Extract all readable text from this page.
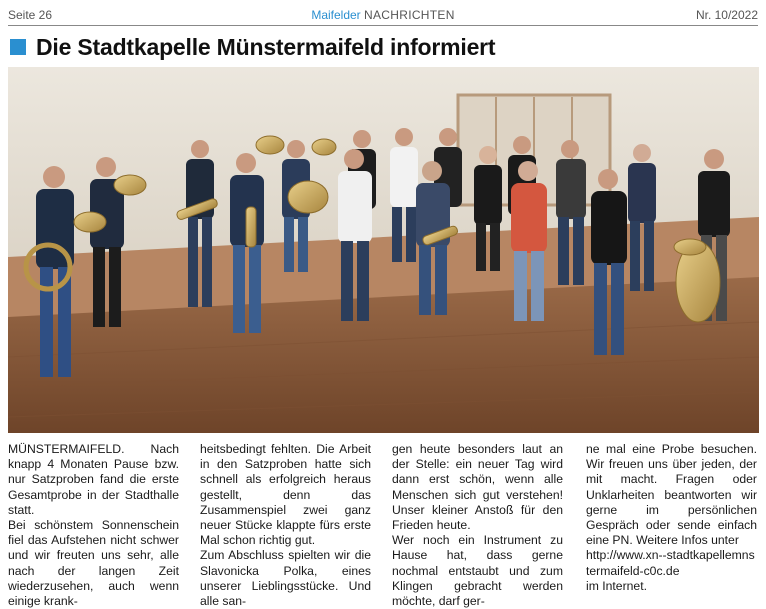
Seite 26	Maifelder NACHRICHTEN	Nr. 10/2022
Die Stadtkapelle Münstermaifeld informiert

MÜNSTERMAIFELD. Nach knapp 4 Monaten Pause bzw. nur Satzproben fand die erste Gesamtprobe in der Stadthalle statt.

Bei schönstem Sonnenschein fiel das Aufstehen nicht schwer und wir freuten uns sehr, alle nach der langen Zeit wiederzusehen, auch wenn einige krank-

heitsbedingt fehlten. Die Arbeit in den Satzproben hatte sich schnell als erfolgreich heraus gestellt, denn das Zusammenspiel zwei ganz neuer Stücke klappte fürs erste Mal schon richtig gut.

Zum Abschluss spielten wir die Slavonicka Polka, eines unserer Lieblingsstücke. Und alle san-

gen heute besonders laut an der Stelle: ein neuer Tag wird dann erst schön, wenn alle Menschen sich gut verstehen! Unser kleiner Anstoß für den Frieden heute.

Wer noch ein Instrument zu Hause hat, dass gerne nochmal entstaubt und zum Klingen gebracht werden möchte, darf ger-

ne mal eine Probe besuchen. Wir freuen uns über jeden, der mit macht. Fragen oder Unklarheiten beantworten wir gerne im persönlichen Gespräch oder sende einfach eine PN. Weitere Infos unter

http://www.xn--stadtkapellemnstermaifeld-c0c.de

im Internet.
